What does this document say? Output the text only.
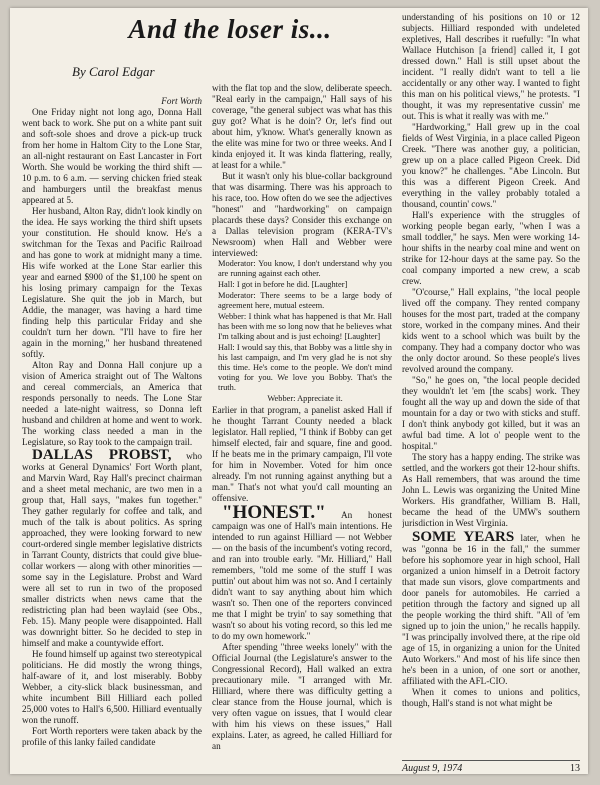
And the loser is...
By Carol Edgar

Fort Worth

One Friday night not long ago, Donna Hall went back to work. She put on a white pant suit and soft-sole shoes and drove a pick-up truck from her home in Haltom City to the Lone Star, an all-night restaurant on East Lancaster in Fort Worth. She would be working the third shift — 10 p.m. to 6 a.m. — serving chicken fried steak and hamburgers until the breakfast menus appeared at 5.

Her husband, Alton Ray, didn't look kindly on the idea. He says working the third shift upsets your constitution. He should know. He's a switchman for the Texas and Pacific Railroad and has gone to work at midnight many a time. His wife worked at the Lone Star earlier this year and earned $900 of the $1,100 he spent on his losing primary campaign for the Texas Legislature. She quit the job in March, but Addie, the manager, was having a hard time finding help this particular Friday and she couldn't turn her down. "I'll have to fire her again in the morning," her husband threatened softly.

Alton Ray and Donna Hall conjure up a vision of America straight out of The Waltons and cereal commercials, an America that responds personally to needs. The Lone Star needed a late-night waitress, so Donna left husband and children at home and went to work. The working class needed a man in the Legislature, so Ray took to the campaign trail.

DALLAS PROBST, who works at General Dynamics' Fort Worth plant, and Marvin Ward, Ray Hall's precinct chairman and a sheet metal mechanic, are two men in a group that, Hall says, "makes fun together." They gather regularly for coffee and talk, and much of the talk is about politics. As spring approached, they were looking forward to new court-ordered single member legislative districts in Tarrant County, districts that could give blue-collar workers — along with other minorities — some say in the Legislature. Probst and Ward were all set to run in two of the proposed smaller districts when news came that the redistricting plan had been waylaid (see Obs., Feb. 15). Many people were disappointed. Hall was downright bitter. So he decided to step in himself and make a countywide effort.

He found himself up against two stereotypical politicians. He did mostly the wrong things, half-aware of it, and lost miserably. Bobby Webber, a city-slick black businessman, and white incumbent Bill Hilliard each polled 25,000 votes to Hall's 6,500. Hilliard eventually won the runoff.

Fort Worth reporters were taken aback by the profile of this lanky failed candidate

with the flat top and the slow, deliberate speech. "Real early in the campaign," Hall says of his coverage, "the general subject was what has this guy got? What is he doin'? Or, let's find out about him, y'know. What's generally known as the elite was mine for two or three weeks. And I kinda enjoyed it. It was kinda flattering, really, at least for a while."

But it wasn't only his blue-collar background that was disarming. There was his approach to his race, too. How often do we see the adjectives "honest" and "hardworking" on campaign placards these days? Consider this exchange on a Dallas television program (KERA-TV's Newsroom) when Hall and Webber were interviewed:

Moderator: You know, I don't understand why you are running against each other.

Hall: I got in before he did. [Laughter]

Moderator: There seems to be a large body of agreement here, mutual esteem.

Webber: I think what has happened is that Mr. Hall has been with me so long now that he believes what I'm talking about and is just echoing! [Laughter]

Hall: I would say this, that Bobby was a little shy in his last campaign, and I'm very glad he is not shy this time. He's come to the people. We don't mind voting for you. We love you Bobby. That's the truth.

Webber: Appreciate it.

Earlier in that program, a panelist asked Hall if he thought Tarrant County needed a black legislator. Hall replied, "I think if Bobby can get himself elected, fair and square, fine and good. If he beats me in the primary campaign, I'll vote for him in November. Voted for him once already. I'm not running against anything but a man." That's not what you'd call mounting an offensive.

"HONEST." An honest campaign was one of Hall's main intentions. He intended to run against Hilliard — not Webber — on the basis of the incumbent's voting record, and ran into trouble early. "Mr. Hilliard," Hall remembers, "told me some of the stuff I was puttin' out about him was not so. And I certainly didn't want to say anything about him which wasn't so. Then one of the reporters convinced me that I might be tryin' to say something that wasn't so about his voting record, so this led me to do my own homework."

After spending "three weeks lonely" with the Official Journal (the Legislature's answer to the Congressional Record), Hall walked an extra precautionary mile. "I arranged with Mr. Hilliard, where there was difficulty getting a clear stance from the House journal, which is very often vague on issues, that I would clear with him his views on these issues," Hall explains. Later, as agreed, he called Hilliard for an

understanding of his positions on 10 or 12 subjects. Hilliard responded with undeleted expletives, Hall describes it ruefully: "In what Wallace Hutchison [a friend] called it, I got dressed down." Hall is still upset about the incident. "I really didn't want to tell a lie accidentally or any other way. I wanted to fight this man on his political views," he protests. "I thought, it was my representative cussin' me out. This is what it really was with me."

"Hardworking," Hall grew up in the coal fields of West Virginia, in a place called Pigeon Creek. "There was another guy, a politician, grew up on a place called Pigeon Creek. Did you know?" he challenges. "Abe Lincoln. But this was a different Pigeon Creek. And everything in the valley probably totaled a thousand, countin' cows."

Hall's experience with the struggles of working people began early, "when I was a small toddler," he says. Men were working 14-hour shifts in the nearby coal mine and went on strike for 12-hour days at the same pay. So the coal company imported a new crew, a scab crew.

"O'course," Hall explains, "the local people lived off the company. They rented company houses for the most part, traded at the company store, worked in the company mines. And their kids went to a school which was built by the company. They had a company doctor who was the only doctor around. So these people's lives revolved around the company.

"So," he goes on, "the local people decided they wouldn't let 'em [the scabs] work. They fought all the way up and down the side of that mountain for a day or two with sticks and stuff. I don't think anybody got killed, but it was an awful bad time. A lot o' people went to the hospital."

The story has a happy ending. The strike was settled, and the workers got their 12-hour shifts. As Hall remembers, that was around the time John L. Lewis was organizing the United Mine Workers. His grandfather, William B. Hall, became the head of the UMW's southern jurisdiction in West Virginia.

SOME YEARS later, when he was "gonna be 16 in the fall," the summer before his sophomore year in high school, Hall organized a union himself in a Detroit factory that made sun visors, glove compartments and door panels for automobiles. He carried a petition through the factory and signed up all the people working the third shift. "All of 'em signed up to join the union," he recalls happily. "I was principally involved there, at the ripe old age of 15, in organizing a union for the United Auto Workers." And most of his life since then he's been in a union, of one sort or another, affiliated with the AFL-CIO.

When it comes to unions and politics, though, Hall's stand is not what might be

August 9, 1974	13
